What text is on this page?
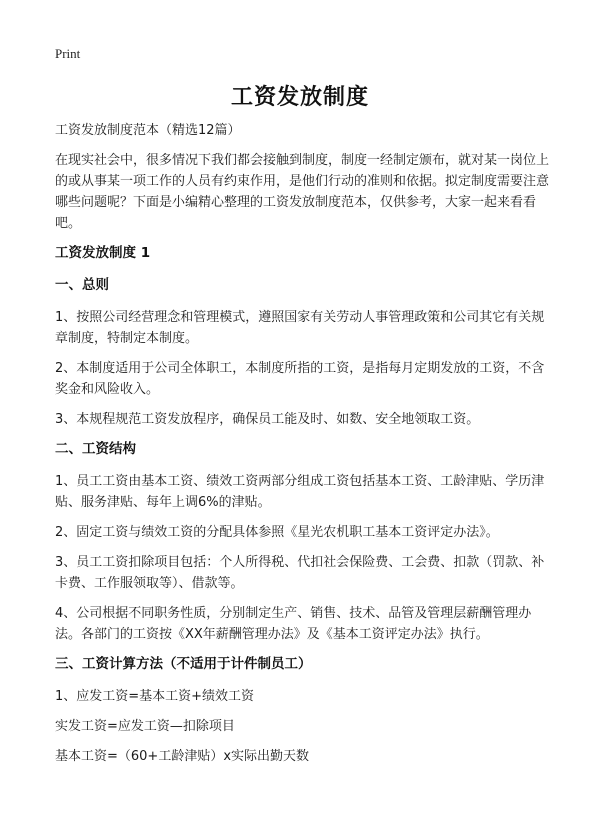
Print
工资发放制度

工资发放制度范本（精选12篇）

在现实社会中，很多情况下我们都会接触到制度，制度一经制定颁布，就对某一岗位上的或从事某一项工作的人员有约束作用，是他们行动的准则和依据。拟定制度需要注意哪些问题呢？下面是小编精心整理的工资发放制度范本，仅供参考，大家一起来看看吧。

工资发放制度 1

一、总则

1、按照公司经营理念和管理模式，遵照国家有关劳动人事管理政策和公司其它有关规章制度，特制定本制度。

2、本制度适用于公司全体职工，本制度所指的工资，是指每月定期发放的工资，不含奖金和风险收入。

3、本规程规范工资发放程序，确保员工能及时、如数、安全地领取工资。

二、工资结构

1、员工工资由基本工资、绩效工资两部分组成工资包括基本工资、工龄津贴、学历津贴、服务津贴、每年上调6%的津贴。

2、固定工资与绩效工资的分配具体参照《星光农机职工基本工资评定办法》。

3、员工工资扣除项目包括：个人所得税、代扣社会保险费、工会费、扣款（罚款、补卡费、工作服领取等）、借款等。

4、公司根据不同职务性质，分别制定生产、销售、技术、品管及管理层薪酬管理办法。各部门的工资按《XX年薪酬管理办法》及《基本工资评定办法》执行。

三、工资计算方法（不适用于计件制员工）

1、应发工资=基本工资+绩效工资

实发工资=应发工资—扣除项目

基本工资=（60+工龄津贴）x实际出勤天数
